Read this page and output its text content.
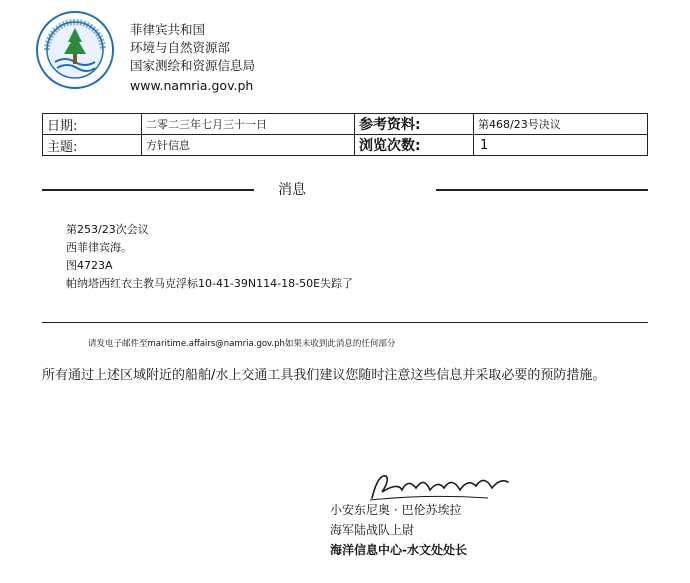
菲律宾共和国
环境与自然资源部
国家测绘和资源信息局
www.namria.gov.ph
日期:	二零二三年七月三十一日	参考资料:	第468/23号决议
主题:	方针信息	浏览次数:	1
消息
第253/23次会议
西菲律宾海。
图4723A
帕纳塔西红衣主教马克浮标10-41-39N114-18-50E失踪了
请发电子邮件至maritime.affairs@namria.gov.ph如果未收到此消息的任何部分
所有通过上述区域附近的船舶/水上交通工具我们建议您随时注意这些信息并采取必要的预防措施。
小安东尼奥 · 巴伦苏埃拉
海军陆战队上尉
海洋信息中心-水文处处长
